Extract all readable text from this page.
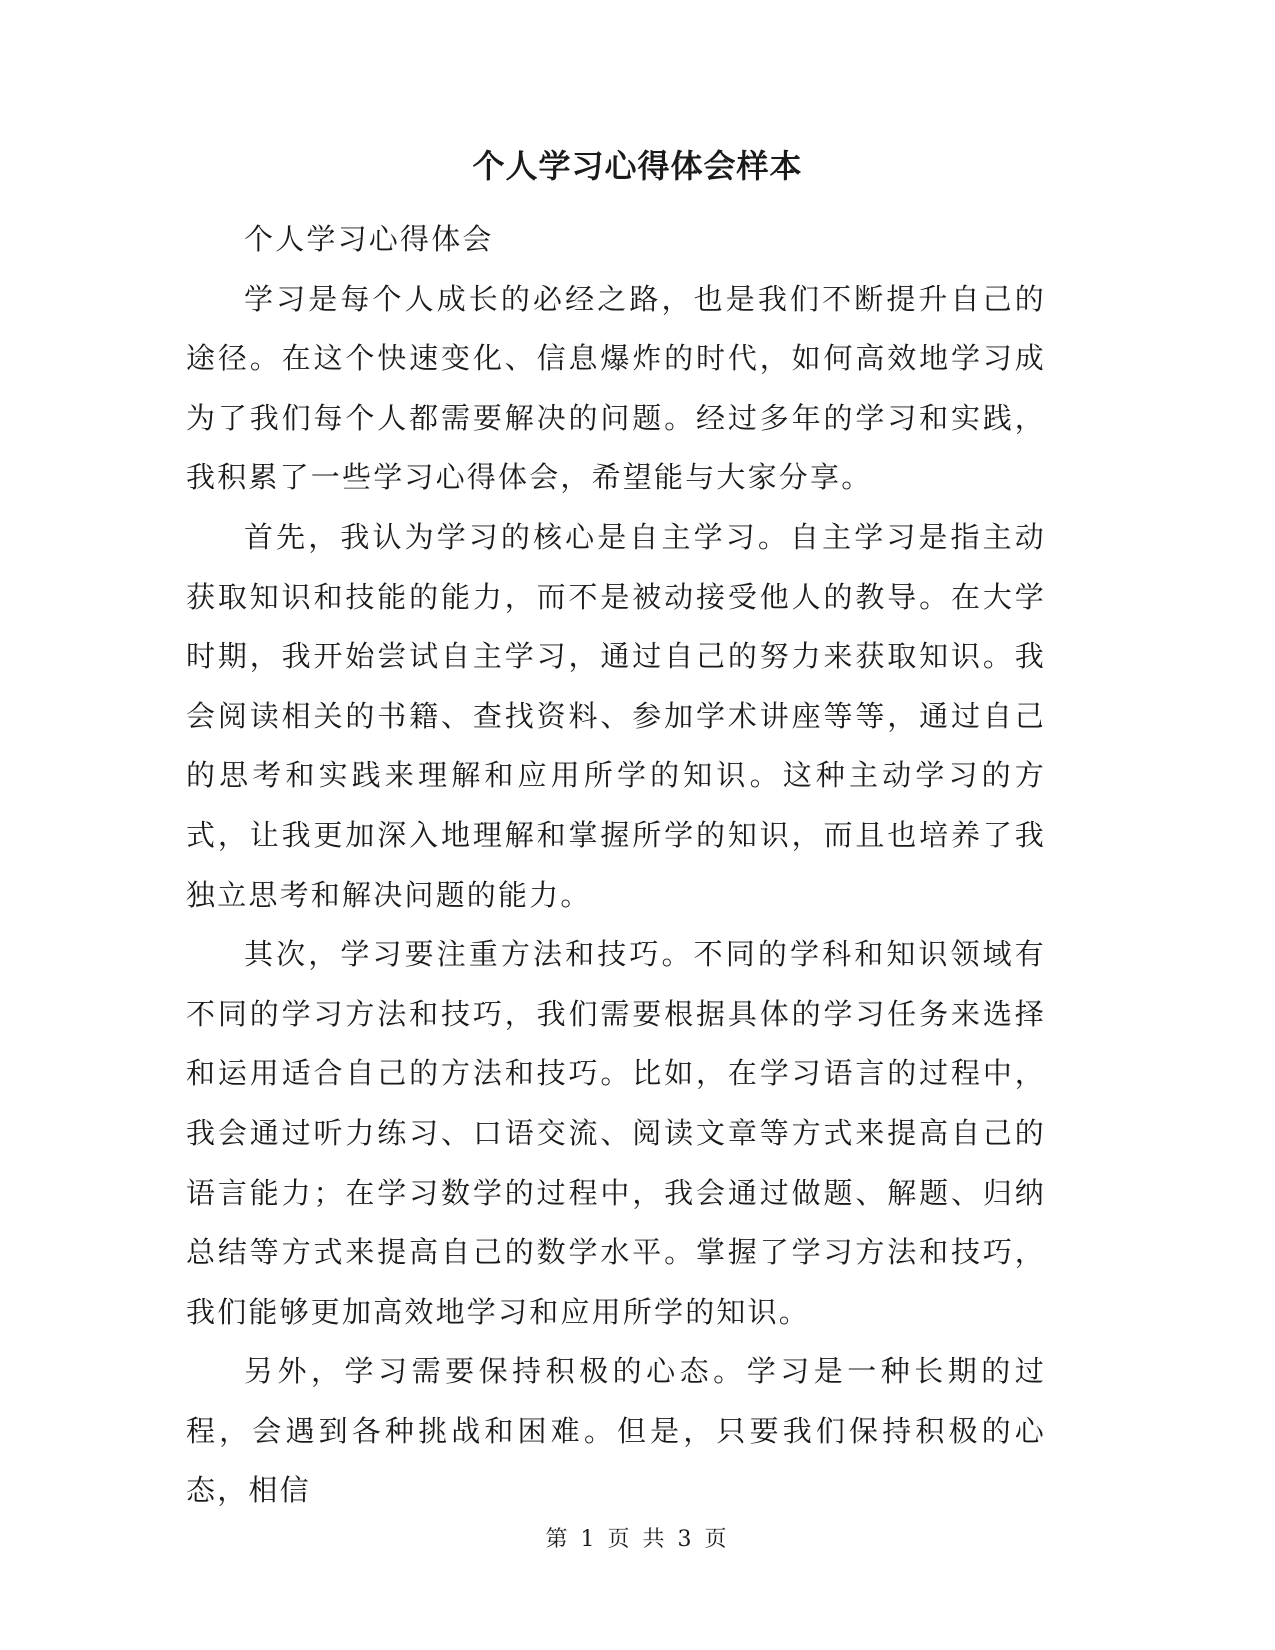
个人学习心得体会样本

个人学习心得体会

学习是每个人成长的必经之路，也是我们不断提升自己的途径。在这个快速变化、信息爆炸的时代，如何高效地学习成为了我们每个人都需要解决的问题。经过多年的学习和实践，我积累了一些学习心得体会，希望能与大家分享。

首先，我认为学习的核心是自主学习。自主学习是指主动获取知识和技能的能力，而不是被动接受他人的教导。在大学时期，我开始尝试自主学习，通过自己的努力来获取知识。我会阅读相关的书籍、查找资料、参加学术讲座等等，通过自己的思考和实践来理解和应用所学的知识。这种主动学习的方式，让我更加深入地理解和掌握所学的知识，而且也培养了我独立思考和解决问题的能力。

其次，学习要注重方法和技巧。不同的学科和知识领域有不同的学习方法和技巧，我们需要根据具体的学习任务来选择和运用适合自己的方法和技巧。比如，在学习语言的过程中，我会通过听力练习、口语交流、阅读文章等方式来提高自己的语言能力；在学习数学的过程中，我会通过做题、解题、归纳总结等方式来提高自己的数学水平。掌握了学习方法和技巧，我们能够更加高效地学习和应用所学的知识。

另外，学习需要保持积极的心态。学习是一种长期的过程，会遇到各种挑战和困难。但是，只要我们保持积极的心态，相信

第 1 页 共 3 页
